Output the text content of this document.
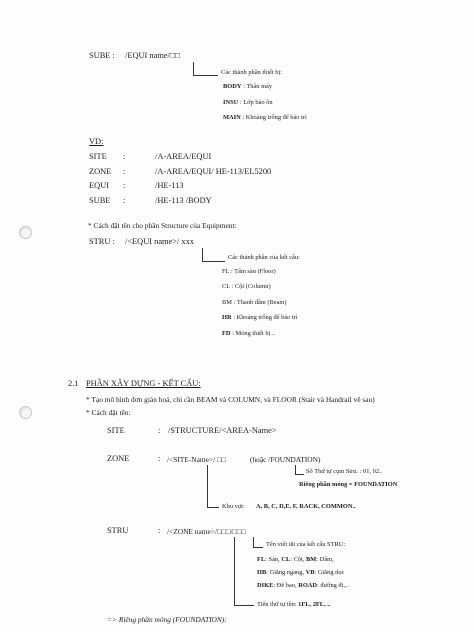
SUBE : /EQUI name/□□
Các thành phần thiết bị:
BODY : Thân máy
INSU : Lớp bảo ôn
MAIN : Khoảng trống để bảo trì
VD:
SITE :	/A-AREA/EQUI
ZONE :	/A-AREA/EQUI/ HE-113/EL5200
EQUI :	/HE-113
SUBE :	/HE-113 /BODY
* Cách đặt tên cho phần Structure của Equipment:
STRU : /<EQUI name>/ xxx
Các thành phần của kết cấu:
FL : Tấm sàn (Floor)
CL : Cột (Column)
BM : Thanh dầm (Beam)
HR : Khoảng trống để bảo trì
FD : Móng thiết bị ..
2.1 PHẦN XÂY DỰNG - KẾT CẤU:
* Tạo mô hình đơn giản hoá, chỉ cần BEAM và COLUMN, và FLOOR (Stair và Handrail vẽ sau)
* Cách đặt tên:
SITE	: /STRUCTURE/<AREA-Name>
ZONE	: /<SITE-Name>/ □□	(hoặc /FOUNDATION)
Số Thứ tự cụm Stru. : 01, 02..
Riêng phần móng = FOUNDATION
Khu vực A, B, C, D,E, F, RACK, COMMON..
STRU	: /<ZONE name>/□□□/□□□
Tên viết tắt của kết cấu STRU:
FL: Sàn, CL: Cột, BM: Dầm,
HB: Giằng ngang, VB: Giằng dọc
DIKE: Đê bao, ROAD: đường đi,..
Tiến thứ tự tên: 1FL, 2FL, ..
=> Riêng phần móng (FOUNDATION):
